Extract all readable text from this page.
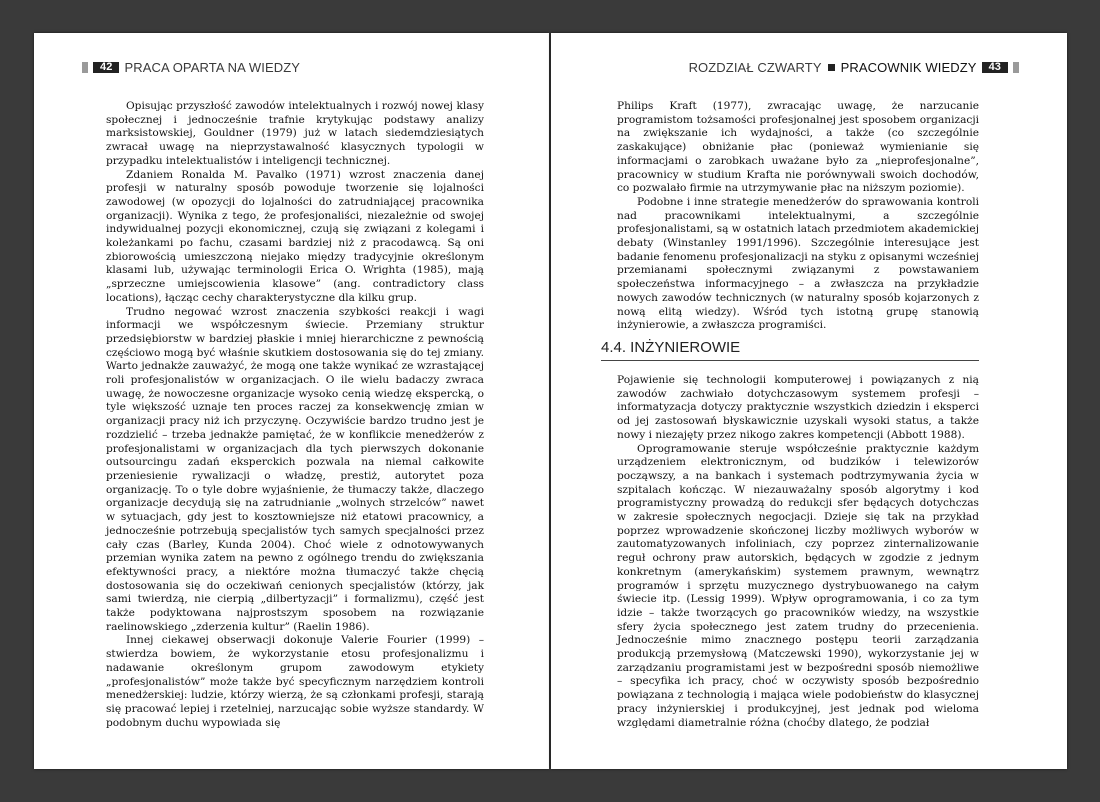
42 PRACA OPARTA NA WIEDZY

Opisując przyszłość zawodów intelektualnych i rozwój nowej klasy społecznej i jednocześnie trafnie krytykując podstawy analizy marksistowskiej, Gouldner (1979) już w latach siedemdziesiątych zwracał uwagę na nieprzystawalność klasycznych typologii w przypadku intelektualistów i inteligencji technicznej.

Zdaniem Ronalda M. Pavalko (1971) wzrost znaczenia danej profesji w naturalny sposób powoduje tworzenie się lojalności zawodowej (w opozycji do lojalności do zatrudniającej pracownika organizacji). Wynika z tego, że profesjonaliści, niezależnie od swojej indywidualnej pozycji ekonomicznej, czują się związani z kolegami i koleżankami po fachu, czasami bardziej niż z pracodawcą. Są oni zbiorowością umieszczoną niejako między tradycyjnie określonym klasami lub, używając terminologii Erica O. Wrighta (1985), mają „sprzeczne umiejscowienia klasowe” (ang. contradictory class locations), łącząc cechy charakterystyczne dla kilku grup.

Trudno negować wzrost znaczenia szybkości reakcji i wagi informacji we współczesnym świecie. Przemiany struktur przedsiębiorstw w bardziej płaskie i mniej hierarchiczne z pewnością częściowo mogą być właśnie skutkiem dostosowania się do tej zmiany. Warto jednakże zauważyć, że mogą one także wynikać ze wzrastającej roli profesjonalistów w organizacjach. O ile wielu badaczy zwraca uwagę, że nowoczesne organizacje wysoko cenią wiedzę ekspercką, o tyle większość uznaje ten proces raczej za konsekwencję zmian w organizacji pracy niż ich przyczynę. Oczywiście bardzo trudno jest je rozdzielić – trzeba jednakże pamiętać, że w konflikcie menedżerów z profesjonalistami w organizacjach dla tych pierwszych dokonanie outsourcingu zadań eksperckich pozwala na niemal całkowite przeniesienie rywalizacji o władzę, prestiż, autorytet poza organizację. To o tyle dobre wyjaśnienie, że tłumaczy także, dlaczego organizacje decydują się na zatrudnianie „wolnych strzelców” nawet w sytuacjach, gdy jest to kosztowniejsze niż etatowi pracownicy, a jednocześnie potrzebują specjalistów tych samych specjalności przez cały czas (Barley, Kunda 2004). Choć wiele z odnotowywanych przemian wynika zatem na pewno z ogólnego trendu do zwiększania efektywności pracy, a niektóre można tłumaczyć także chęcią dostosowania się do oczekiwań cenionych specjalistów (którzy, jak sami twierdzą, nie cierpią „dilbertyzacji” i formalizmu), część jest także podyktowana najprostszym sposobem na rozwiązanie raelinowskiego „zderzenia kultur” (Raelin 1986).

Innej ciekawej obserwacji dokonuje Valerie Fourier (1999) – stwierdza bowiem, że wykorzystanie etosu profesjonalizmu i nadawanie określonym grupom zawodowym etykiety „profesjonalistów” może także być specyficznym narzędziem kontroli menedżerskiej: ludzie, którzy wierzą, że są członkami profesji, starają się pracować lepiej i rzetelniej, narzucając sobie wyższe standardy. W podobnym duchu wypowiada się

ROZDZIAŁ CZWARTY PRACOWNIK WIEDZY	43

Philips Kraft (1977), zwracając uwagę, że narzucanie programistom tożsamości profesjonalnej jest sposobem organizacji na zwiększanie ich wydajności, a także (co szczególnie zaskakujące) obniżanie płac (ponieważ wymienianie się informacjami o zarobkach uważane było za „nieprofesjonalne”, pracownicy w studium Krafta nie porównywali swoich dochodów, co pozwalało firmie na utrzymywanie płac na niższym poziomie).

Podobne i inne strategie menedżerów do sprawowania kontroli nad pracownikami intelektualnymi, a szczególnie profesjonalistami, są w ostatnich latach przedmiotem akademickiej debaty (Winstanley 1991/1996). Szczególnie interesujące jest badanie fenomenu profesjonalizacji na styku z opisanymi wcześniej przemianami społecznymi związanymi z powstawaniem społeczeństwa informacyjnego – a zwłaszcza na przykładzie nowych zawodów technicznych (w naturalny sposób kojarzonych z nową elitą wiedzy). Wśród tych istotną grupę stanowią inżynierowie, a zwłaszcza programiści.

4.4. INŻYNIEROWIE

Pojawienie się technologii komputerowej i powiązanych z nią zawodów zachwiało dotychczasowym systemem profesji – informatyzacja dotyczy praktycznie wszystkich dziedzin i eksperci od jej zastosowań błyskawicznie uzyskali wysoki status, a także nowy i niezajęty przez nikogo zakres kompetencji (Abbott 1988).

Oprogramowanie steruje współcześnie praktycznie każdym urządzeniem elektronicznym, od budzików i telewizorów począwszy, a na bankach i systemach podtrzymywania życia w szpitalach kończąc. W niezauważalny sposób algorytmy i kod programistyczny prowadzą do redukcji sfer będących dotychczas w zakresie społecznych negocjacji. Dzieje się tak na przykład poprzez wprowadzenie skończonej liczby możliwych wyborów w zautomatyzowanych infoliniach, czy poprzez zinternalizowanie reguł ochrony praw autorskich, będących w zgodzie z jednym konkretnym (amerykańskim) systemem prawnym, wewnątrz programów i sprzętu muzycznego dystrybuowanego na całym świecie itp. (Lessig 1999). Wpływ oprogramowania, i co za tym idzie – także tworzących go pracowników wiedzy, na wszystkie sfery życia społecznego jest zatem trudny do przecenienia. Jednocześnie mimo znacznego postępu teorii zarządzania produkcją przemysłową (Matczewski 1990), wykorzystanie jej w zarządzaniu programistami jest w bezpośredni sposób niemożliwe – specyfika ich pracy, choć w oczywisty sposób bezpośrednio powiązana z technologią i mająca wiele podobieństw do klasycznej pracy inżynierskiej i produkcyjnej, jest jednak pod wieloma względami diametralnie różna (choćby dlatego, że podział
